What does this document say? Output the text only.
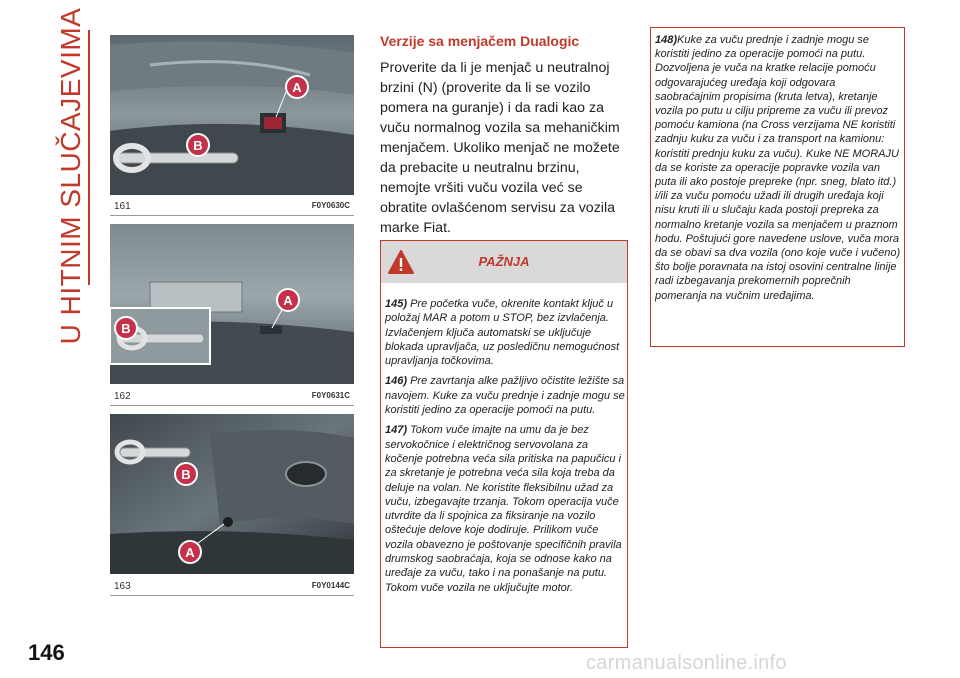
U HITNIM SLUČAJEVIMA	A
B
161	F0Y0630C
A
B
162	F0Y0631C
A
B
163	F0Y0144C
Verzije sa menjačem Dualogic
Proverite da li je menjač u neutralnoj brzini (N) (proverite da li se vozilo pomera na guranje) i da radi kao za vuču normalnog vozila sa mehaničkim menjačem. Ukoliko menjač ne možete da prebacite u neutralnu brzinu, nemojte vršiti vuču vozila već se obratite ovlašćenom servisu za vozila marke Fiat.
PAŽNJA

145) Pre početka vuče, okrenite kontakt ključ u položaj MAR a potom u STOP, bez izvlačenja. Izvlačenjem ključa automatski se uključuje blokada upravljača, uz posledičnu nemogućnost upravljanja točkovima.

146) Pre zavrtanja alke pažljivo očistite ležište sa navojem. Kuke za vuču prednje i zadnje mogu se koristiti jedino za operacije pomoći na putu.

147) Tokom vuče imajte na umu da je bez servokočnice i električnog servovolana za kočenje potrebna veća sila pritiska na papučicu i za skretanje je potrebna veća sila koja treba da deluje na volan. Ne koristite fleksibilnu užad za vuču, izbegavajte trzanja. Tokom operacija vuče utvrdite da li spojnica za fiksiranje na vozilo oštećuje delove koje dodiruje. Prilikom vuče vozila obavezno je poštovanje specifičnih pravila drumskog saobraćaja, koja se odnose kako na uređaje za vuču, tako i na ponašanje na putu. Tokom vuče vozila ne uključujte motor.

148)Kuke za vuču prednje i zadnje mogu se koristiti jedino za operacije pomoći na putu. Dozvoljena je vuča na kratke relacije pomoću odgovarajućeg uređaja koji odgovara saobraćajnim propisima (kruta letva), kretanje vozila po putu u cilju pripreme za vuču ili prevoz pomoću kamiona (na Cross verzijama NE koristiti zadnju kuku za vuču i za transport na kamionu: koristiti prednju kuku za vuču). Kuke NE MORAJU da se koriste za operacije popravke vozila van puta ili ako postoje prepreke (npr. sneg, blato itd.) i/ili za vuču pomoću užadi ili drugih uređaja koji nisu kruti ili u slučaju kada postoji prepreka za normalno kretanje vozila sa menjačem u praznom hodu. Poštujući gore navedene uslove, vuča mora da se obavi sa dva vozila (ono koje vuče i vučeno) što bolje poravnata na istoj osovini centralne linije radi izbegavanja prekomernih poprečnih pomeranja na vučnim uređajima.

146	carmanualsonline.info
